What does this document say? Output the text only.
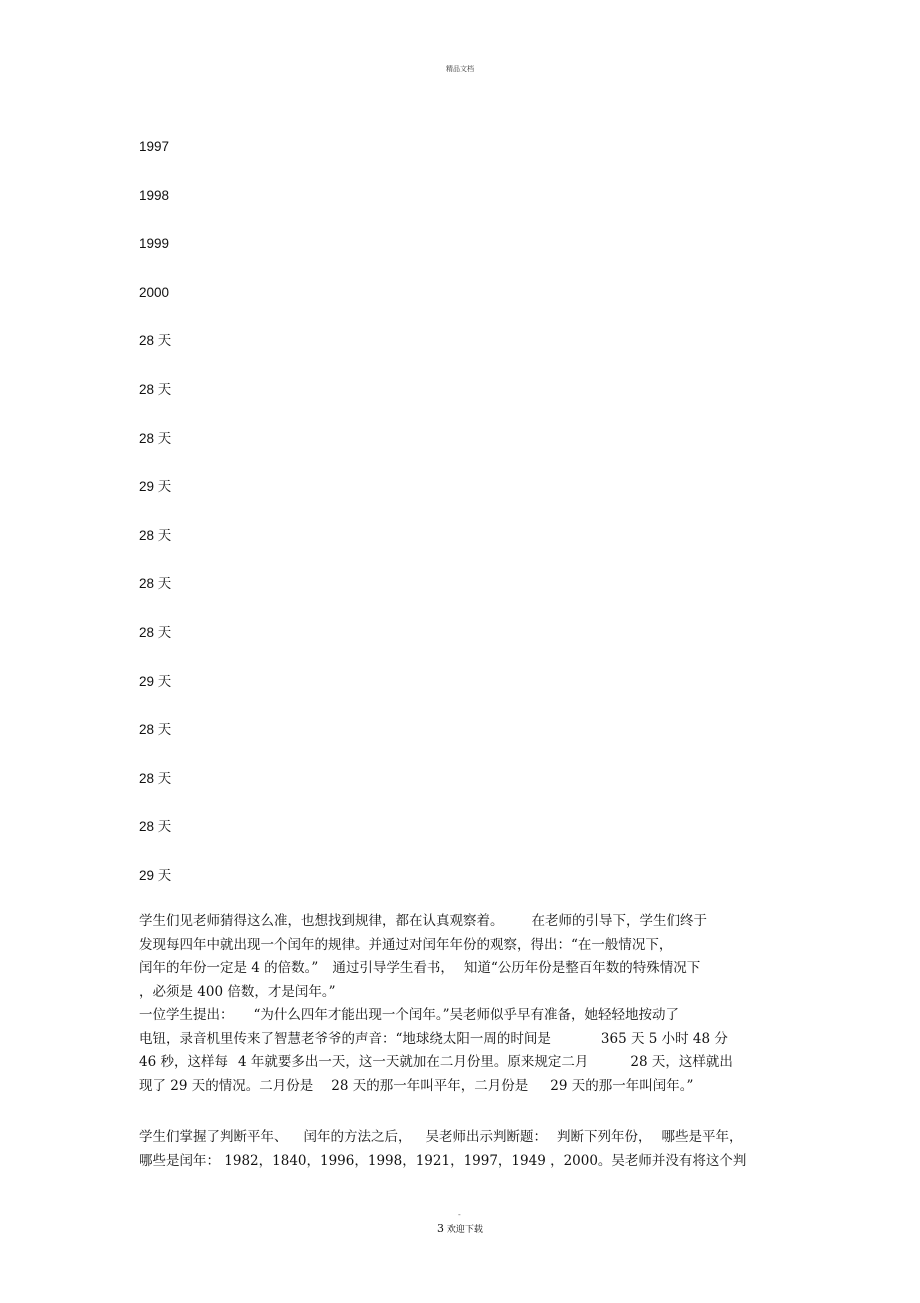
精品文档
1997
1998
1999
2000
28 天
28 天
28 天
29 天
28 天
28 天
28 天
29 天
28 天
28 天
28 天
29 天

学生们见老师猜得这么准，也想找到规律，都在认真观察着。 在老师的引导下，学生们终于
发现每四年中就出现一个闰年的规律。并通过对闰年年份的观察，得出：“在一般情况下，
闰年的年份一定是 4 的倍数。” 通过引导学生看书， 知道“公历年份是整百年数的特殊情况下
，必须是 400 倍数，才是闰年。”
一位学生提出： “为什么四年才能出现一个闰年。”吴老师似乎早有准备，她轻轻地按动了
电钮，录音机里传来了智慧老爷爷的声音：“地球绕太阳一周的时间是	365 天 5 小时 48 分
46 秒，这样每 4 年就要多出一天，这一天就加在二月份里。原来规定二月	28 天，这样就出
现了 29 天的情况。二月份是 28 天的那一年叫平年，二月份是 29 天的那一年叫闰年。”

学生们掌握了判断平年、 闰年的方法之后， 吴老师出示判断题： 判断下列年份， 哪些是平年，
哪些是闰年： 1982，1840，1996，1998，1921，1997，1949 ，2000。吴老师并没有将这个判

-
3 欢迎下载
